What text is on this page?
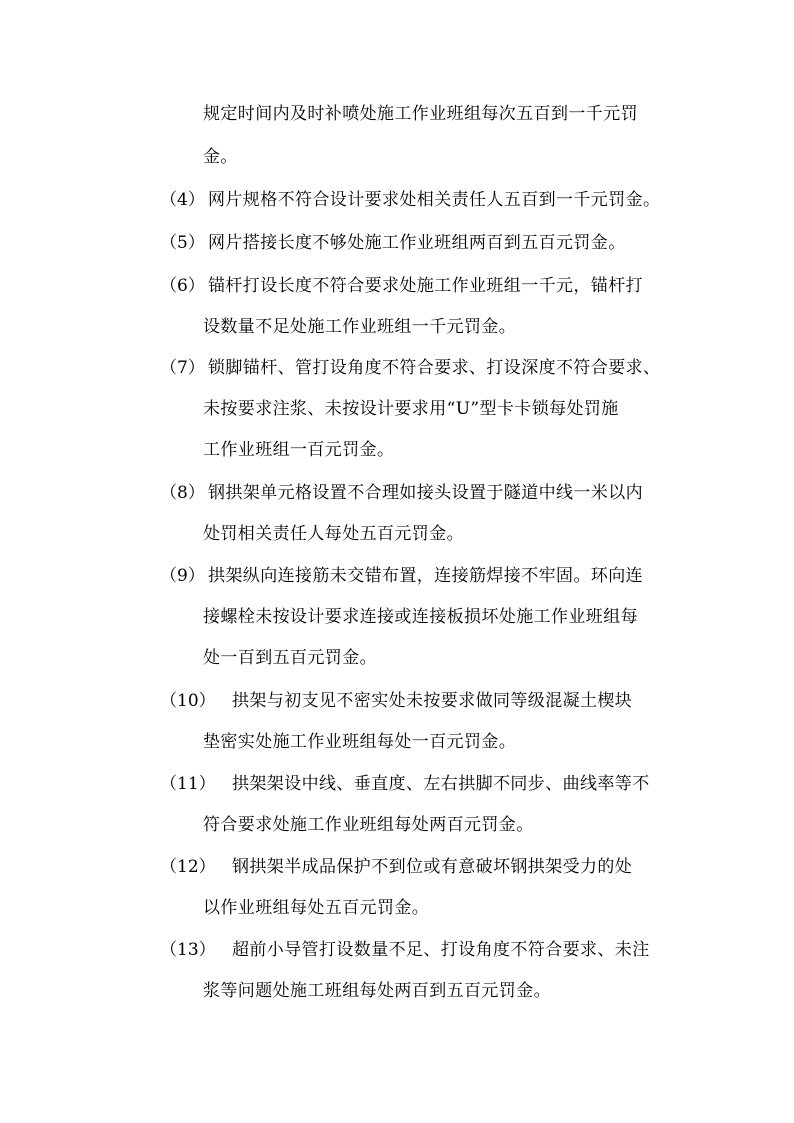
规定时间内及时补喷处施工作业班组每次五百到一千元罚
金。
（4） 网片规格不符合设计要求处相关责任人五百到一千元罚金。
（5） 网片搭接长度不够处施工作业班组两百到五百元罚金。
（6） 锚杆打设长度不符合要求处施工作业班组一千元，锚杆打
设数量不足处施工作业班组一千元罚金。
（7） 锁脚锚杆、管打设角度不符合要求、打设深度不符合要求、
未按要求注浆、未按设计要求用“U”型卡卡锁每处罚施
工作业班组一百元罚金。
（8） 钢拱架单元格设置不合理如接头设置于隧道中线一米以内
处罚相关责任人每处五百元罚金。
（9） 拱架纵向连接筋未交错布置，连接筋焊接不牢固。环向连
接螺栓未按设计要求连接或连接板损坏处施工作业班组每
处一百到五百元罚金。
（10） 拱架与初支见不密实处未按要求做同等级混凝土楔块
垫密实处施工作业班组每处一百元罚金。
（11） 拱架架设中线、垂直度、左右拱脚不同步、曲线率等不
符合要求处施工作业班组每处两百元罚金。
（12） 钢拱架半成品保护不到位或有意破坏钢拱架受力的处
以作业班组每处五百元罚金。
（13） 超前小导管打设数量不足、打设角度不符合要求、未注
浆等问题处施工班组每处两百到五百元罚金。
